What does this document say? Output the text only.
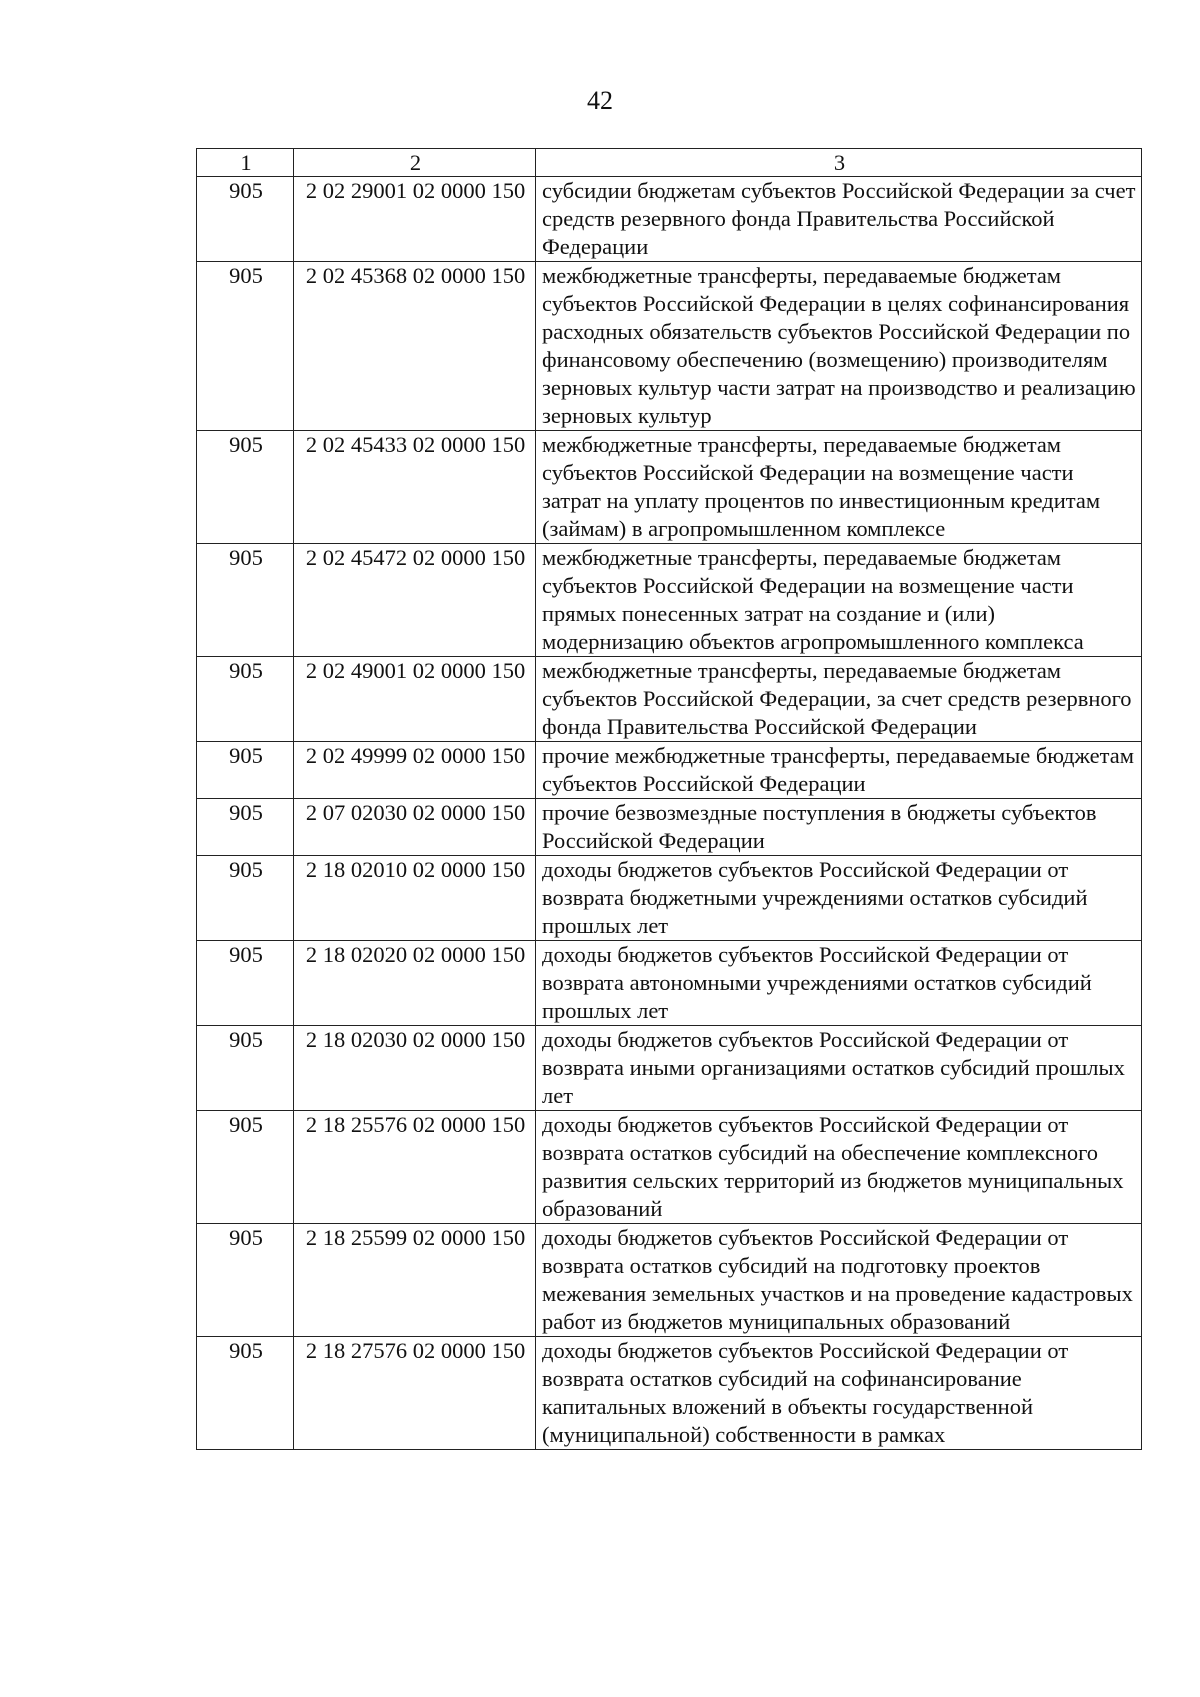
42
1	2	3
905	2 02 29001 02 0000 150	субсидии бюджетам субъектов Российской Федерации за счет средств резервного фонда Правительства Российской Федерации
905	2 02 45368 02 0000 150	межбюджетные трансферты, передаваемые бюджетам субъектов Российской Федерации в целях софинансирования расходных обязательств субъектов Российской Федерации по финансовому обеспечению (возмещению) производителям зерновых культур части затрат на производство и реализацию зерновых культур
905	2 02 45433 02 0000 150	межбюджетные трансферты, передаваемые бюджетам субъектов Российской Федерации на возмещение части затрат на уплату процентов по инвестиционным кредитам (займам) в агропромышленном комплексе
905	2 02 45472 02 0000 150	межбюджетные трансферты, передаваемые бюджетам субъектов Российской Федерации на возмещение части прямых понесенных затрат на создание и (или) модернизацию объектов агропромышленного комплекса
905	2 02 49001 02 0000 150	межбюджетные трансферты, передаваемые бюджетам субъектов Российской Федерации, за счет средств резервного фонда Правительства Российской Федерации
905	2 02 49999 02 0000 150	прочие межбюджетные трансферты, передаваемые бюджетам субъектов Российской Федерации
905	2 07 02030 02 0000 150	прочие безвозмездные поступления в бюджеты субъектов Российской Федерации
905	2 18 02010 02 0000 150	доходы бюджетов субъектов Российской Федерации от возврата бюджетными учреждениями остатков субсидий прошлых лет
905	2 18 02020 02 0000 150	доходы бюджетов субъектов Российской Федерации от возврата автономными учреждениями остатков субсидий прошлых лет
905	2 18 02030 02 0000 150	доходы бюджетов субъектов Российской Федерации от возврата иными организациями остатков субсидий прошлых лет
905	2 18 25576 02 0000 150	доходы бюджетов субъектов Российской Федерации от возврата остатков субсидий на обеспечение комплексного развития сельских территорий из бюджетов муниципальных образований
905	2 18 25599 02 0000 150	доходы бюджетов субъектов Российской Федерации от возврата остатков субсидий на подготовку проектов межевания земельных участков и на проведение кадастровых работ из бюджетов муниципальных образований
905	2 18 27576 02 0000 150	доходы бюджетов субъектов Российской Федерации от возврата остатков субсидий на софинансирование капитальных вложений в объекты государственной (муниципальной) собственности в рамках
